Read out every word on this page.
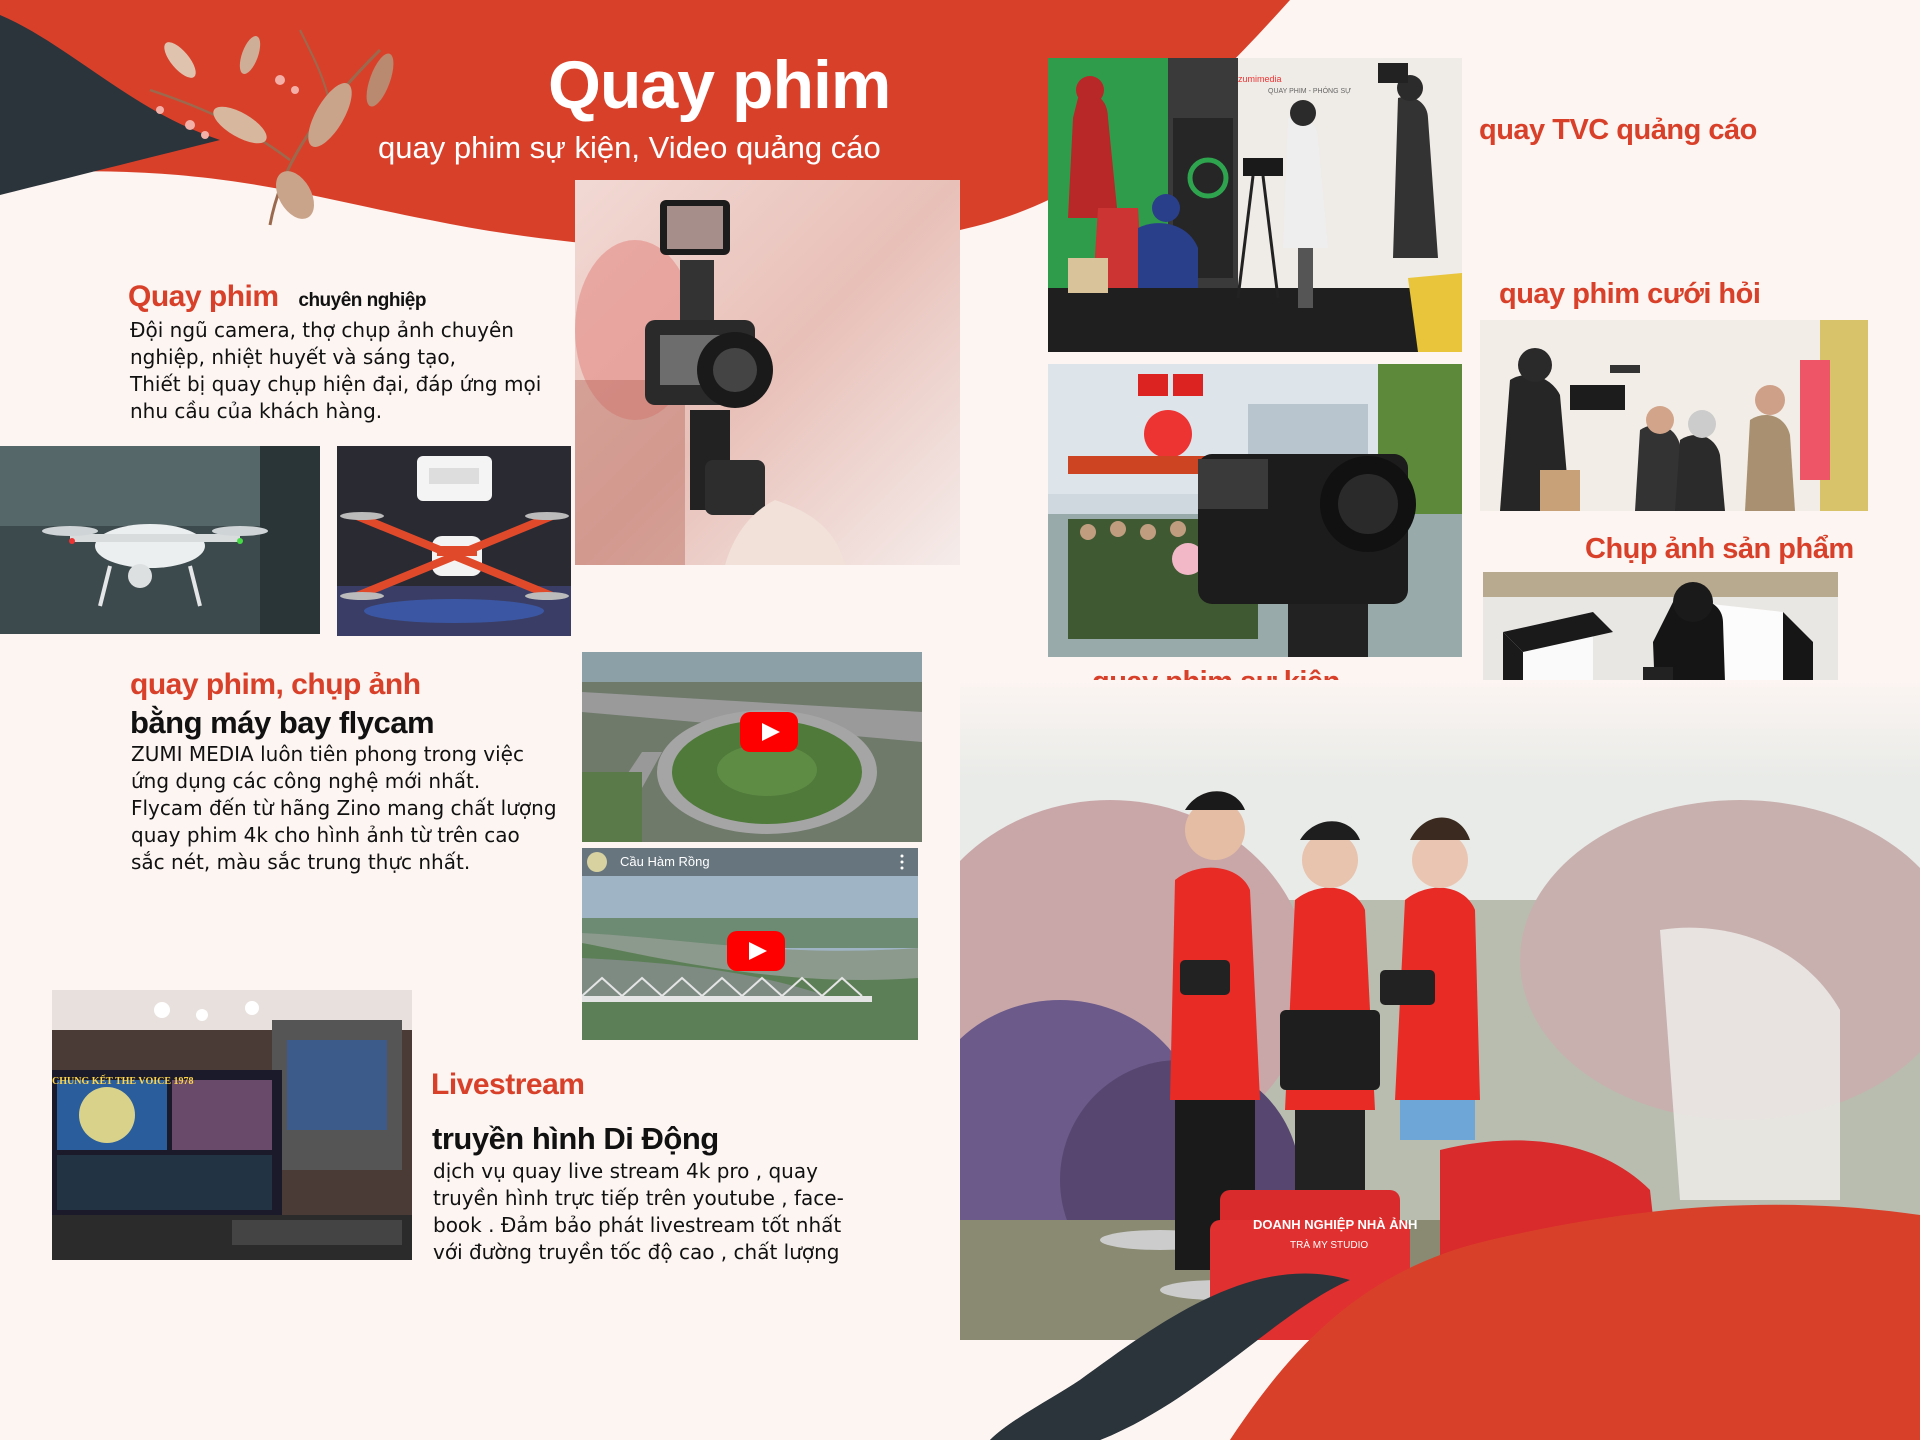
Quay phim
quay phim sự kiện, Video quảng cáo
Quay phim chuyên nghiệp
Đội ngũ camera, thợ chụp ảnh chuyên
nghiệp, nhiệt huyết và sáng tạo,
Thiết bị quay chụp hiện đại, đáp ứng mọi
nhu cầu của khách hàng.
quay phim, chụp ảnh
bằng máy bay flycam
ZUMI MEDIA luôn tiên phong trong việc
ứng dụng các công nghệ mới nhất.
Flycam đến từ hãng Zino mang chất lượng
quay phim 4k cho hình ảnh từ trên cao
sắc nét, màu sắc trung thực nhất.	Cầu Hàm Rồng
CHUNG KẾT THE VOICE 1978	Livestream
truyền hình Di Động
dịch vụ quay live stream 4k pro , quay
truyền hình trực tiếp trên youtube , face-
book . Đảm bảo phát livestream tốt nhất
với đường truyền tốc độ cao , chất lượng
zumimedia
QUAY PHIM - PHÓNG SỰ
quay TVC quảng cáo
quay phim cưới hỏi
Chụp ảnh sản phẩm
DOANH NGHIỆP NHÀ ẢNH
TRÀ MY STUDIO
